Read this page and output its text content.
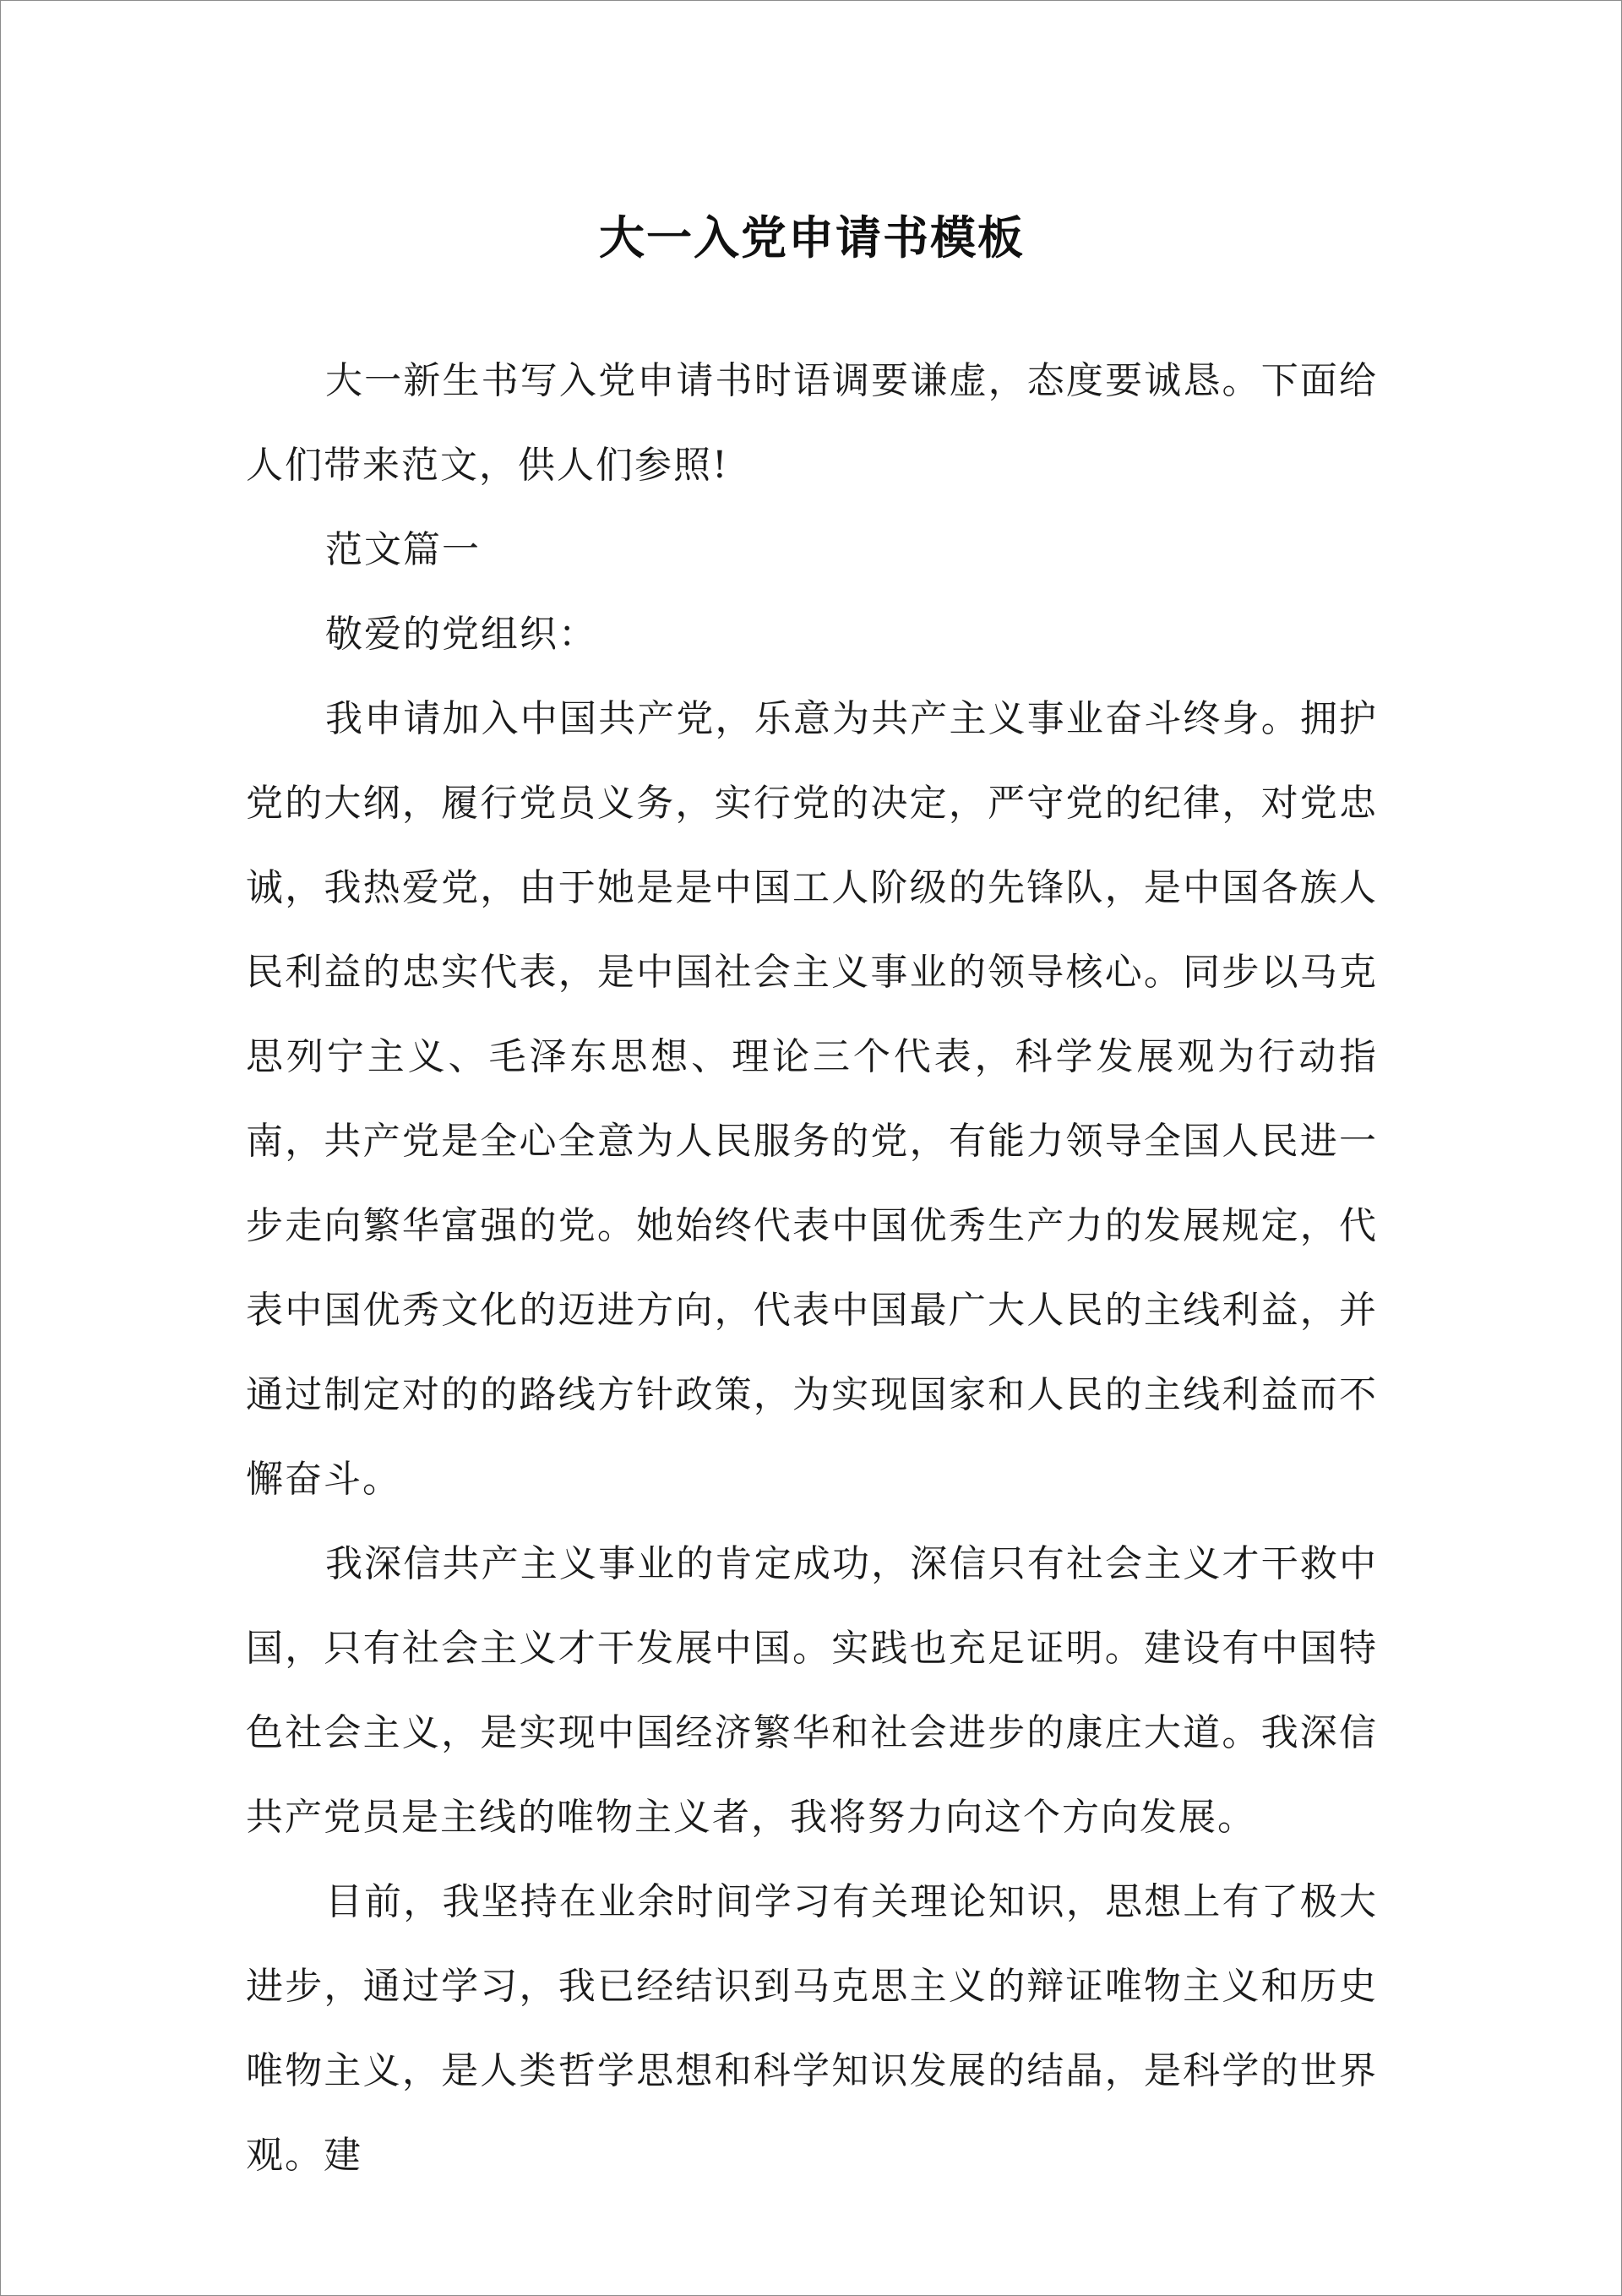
大一入党申请书模板

大一新生书写入党申请书时语调要谦虚，态度要诚恳。下面给人们带来范文，供人们参照!

范文篇一

敬爱的党组织：

我申请加入中国共产党，乐意为共产主义事业奋斗终身。拥护党的大纲，履行党员义务，实行党的决定，严守党的纪律，对党忠诚，我热爱党，由于她是是中国工人阶级的先锋队，是中国各族人民利益的忠实代表，是中国社会主义事业的领导核心。同步以马克思列宁主义、毛泽东思想、理论三个代表，科学发展观为行动指南，共产党是全心全意为人民服务的党，有能力领导全国人民进一步走向繁华富强的党。她始终代表中国优秀生产力的发展规定，代表中国优秀文化的迈进方向，代表中国最广大人民的主线利益，并通过制定对的的路线方针政策，为实现国家和人民的主线利益而不懈奋斗。

我深信共产主义事业的肯定成功，深信只有社会主义才干救中国，只有社会主义才干发展中国。实践也充足证明。建设有中国特色社会主义，是实现中国经济繁华和社会进步的康庄大道。我深信共产党员是主线的唯物主义者，我将努力向这个方向发展。

目前，我坚持在业余时间学习有关理论知识，思想上有了极大进步，通过学习，我已经结识到马克思主义的辩证唯物主义和历史唯物主义，是人类哲学思想和科学知识发展的结晶，是科学的世界观。建
